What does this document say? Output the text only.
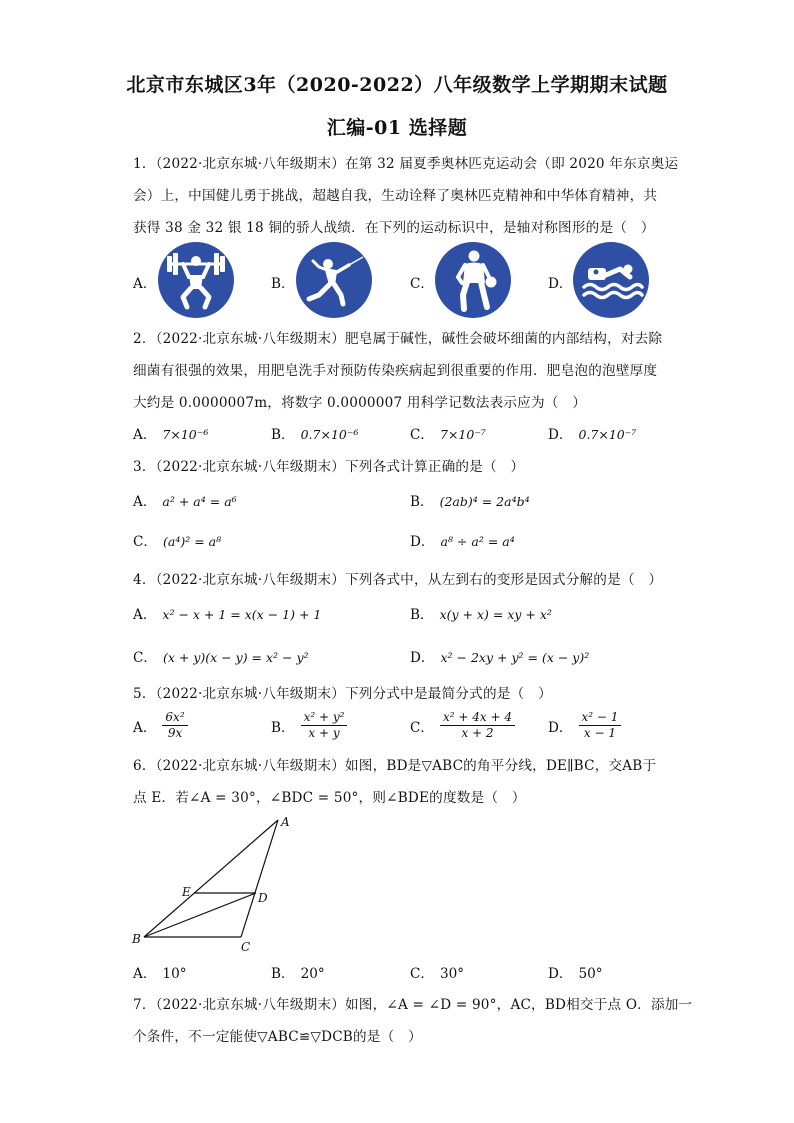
北京市东城区3年（2020-2022）八年级数学上学期期末试题
汇编-01 选择题
1．（2022·北京东城·八年级期末）在第 32 届夏季奥林匹克运动会（即 2020 年东京奥运
会）上，中国健儿勇于挑战，超越自我，生动诠释了奥林匹克精神和中华体育精神，共
获得 38 金 32 银 18 铜的骄人战绩．在下列的运动标识中，是轴对称图形的是（　）
A．	B．	C．	D．
2．（2022·北京东城·八年级期末）肥皂属于碱性，碱性会破坏细菌的内部结构，对去除
细菌有很强的效果，用肥皂洗手对预防传染疾病起到很重要的作用．肥皂泡的泡壁厚度
大约是 0.0000007m，将数字 0.0000007 用科学记数法表示应为（　）
A． 7×10⁻⁶	B． 0.7×10⁻⁶	C． 7×10⁻⁷	D． 0.7×10⁻⁷
3．（2022·北京东城·八年级期末）下列各式计算正确的是（　）
A． a² + a⁴ = a⁶	B． (2ab)⁴ = 2a⁴b⁴
C． (a⁴)² = a⁸	D． a⁸ ÷ a² = a⁴
4．（2022·北京东城·八年级期末）下列各式中，从左到右的变形是因式分解的是（　）
A． x² − x + 1 = x(x − 1) + 1	B． x(y + x) = xy + x²
C． (x + y)(x − y) = x² − y²	D． x² − 2xy + y² = (x − y)²
5．（2022·北京东城·八年级期末）下列分式中是最简分式的是（　）
A． $\frac{\text{6x²}}{9x}$	B． $\frac{\text{x² + y²}}{x + y}$	C． $\frac{\text{x² + 4x + 4}}{x + 2}$ D． $\frac{\text{x² − 1}}{x - 1}$
6．（2022·北京东城·八年级期末）如图，BD是▽ABC的角平分线，DE∥BC，交AB于
点 E．若∠A = 30°，∠BDC = 50°，则∠BDE的度数是（　）
A
B
C
D
E
A． 10°	B． 20°	C． 30°	D． 50°
7．（2022·北京东城·八年级期末）如图，∠A = ∠D = 90°，AC，BD相交于点 O．添加一
个条件，不一定能使▽ABC≌▽DCB的是（　）
